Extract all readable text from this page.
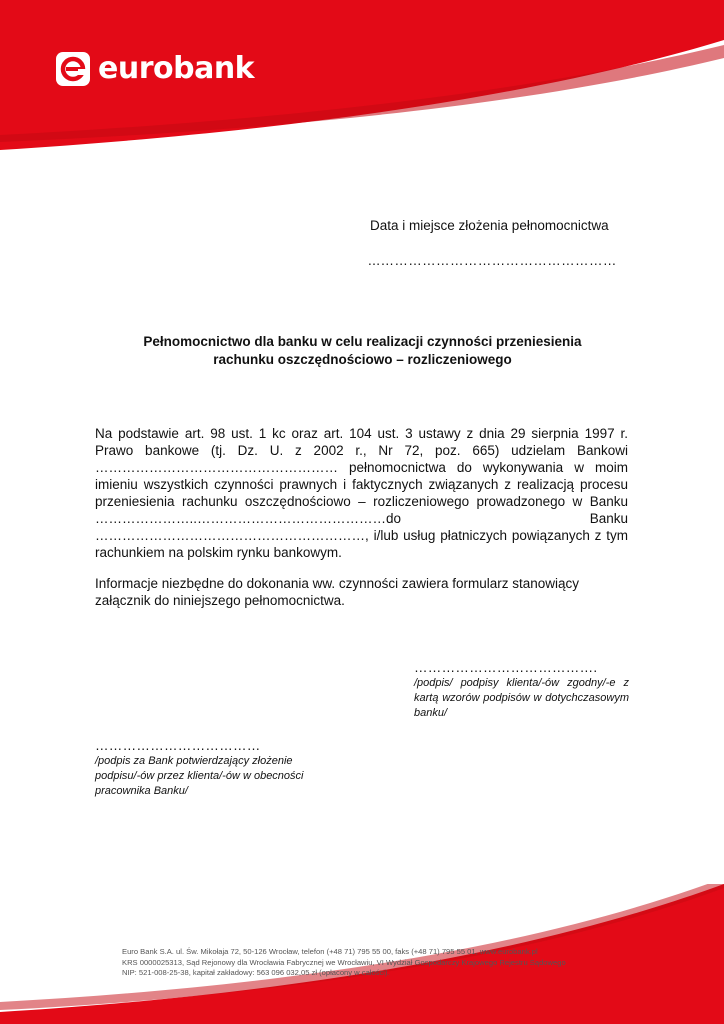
eurobank
Data i miejsce złożenia pełnomocnictwa
...……………………………………………
Pełnomocnictwo dla banku w celu realizacji czynności przeniesienia
rachunku oszczędnościowo – rozliczeniowego

Na podstawie art. 98 ust. 1 kc oraz art. 104 ust. 3 ustawy z dnia 29 sierpnia 1997 r. Prawo bankowe (tj. Dz. U. z 2002 r., Nr 72, poz. 665) udzielam Bankowi ……………………………………………… pełnomocnictwa do wykonywania w moim imieniu wszystkich czynności prawnych i faktycznych związanych z realizacją procesu przeniesienia rachunku oszczędnościowo – rozliczeniowego prowadzonego w Banku …………………..……………………………………do Banku ……………………………………………………, i/lub usług płatniczych powiązanych z tym rachunkiem na polskim rynku bankowym.

Informacje niezbędne do dokonania ww. czynności zawiera formularz stanowiący załącznik do niniejszego pełnomocnictwa.
………………………………….
/podpis/ podpisy klienta/-ów zgodny/-e z kartą wzorów podpisów w dotychczasowym banku/
………………………………
/podpis za Bank potwierdzający złożenie podpisu/-ów przez klienta/-ów w obecności pracownika Banku/
Euro Bank S.A. ul. Św. Mikołaja 72, 50-126 Wrocław, telefon (+48 71) 795 55 00, faks (+48 71) 795 55 01, www.eurobank.pl
KRS 0000025313, Sąd Rejonowy dla Wrocławia Fabrycznej we Wrocławiu, VI Wydział Gospodarczy Krajowego Rejestru Sądowego
NIP: 521-008-25-38, kapitał zakładowy: 563 096 032,05 zł (opłacony w całości).
